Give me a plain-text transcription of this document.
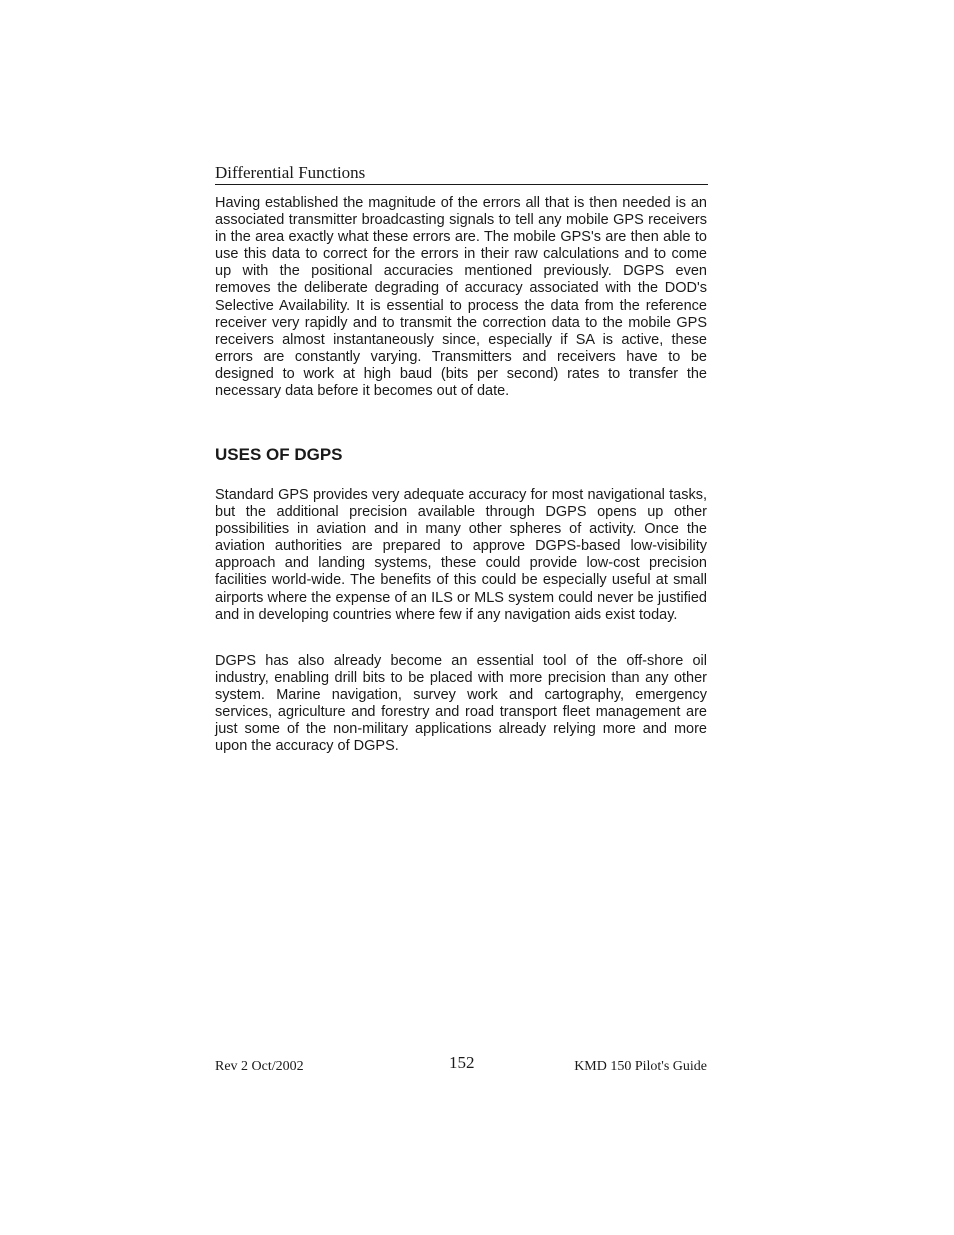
Differential Functions

Having established the magnitude of the errors all that is then needed is an associated transmitter broadcasting signals to tell any mobile GPS receivers in the area exactly what these errors are. The mobile GPS's are then able to use this data to correct for the errors in their raw calculations and to come up with the positional accuracies mentioned previously. DGPS even removes the deliberate degrading of accuracy associated with the DOD's Selective Availability. It is essential to process the data from the reference receiver very rapidly and to transmit the correction data to the mobile GPS receivers almost instantaneously since, especially if SA is active, these errors are constantly varying. Transmitters and receivers have to be designed to work at high baud (bits per second) rates to transfer the necessary data before it becomes out of date.

USES OF DGPS

Standard GPS provides very adequate accuracy for most navigational tasks, but the additional precision available through DGPS opens up other possibilities in aviation and in many other spheres of activity. Once the aviation authorities are prepared to approve DGPS-based low-visibility approach and landing systems, these could provide low-cost precision facilities world-wide. The benefits of this could be especially useful at small airports where the expense of an ILS or MLS system could never be justified and in developing countries where few if any navigation aids exist today.

DGPS has also already become an essential tool of the off-shore oil industry, enabling drill bits to be placed with more precision than any other system. Marine navigation, survey work and cartography, emergency services, agriculture and forestry and road transport fleet management are just some of the non-military applications already relying more and more upon the accuracy of DGPS.

Rev 2 Oct/2002	152	KMD 150 Pilot's Guide
